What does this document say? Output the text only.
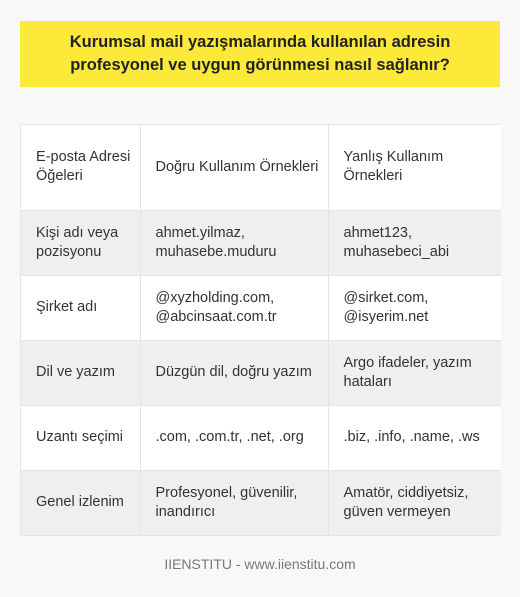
Kurumsal mail yazışmalarında kullanılan adresin profesyonel ve uygun görünmesi nasıl sağlanır?
E-posta Adresi Öğeleri	Doğru Kullanım Örnekleri	Yanlış Kullanım Örnekleri
Kişi adı veya pozisyonu	ahmet.yilmaz, muhasebe.muduru	ahmet123, muhasebeci_abi
Şirket adı	@xyzholding.com, @abcinsaat.com.tr	@sirket.com, @isyerim.net
Dil ve yazım	Düzgün dil, doğru yazım	Argo ifadeler, yazım hataları
Uzantı seçimi	.com, .com.tr, .net, .org	.biz, .info, .name, .ws
Genel izlenim	Profesyonel, güvenilir, inandırıcı	Amatör, ciddiyetsiz, güven vermeyen
IIENSTITU - www.iienstitu.com
